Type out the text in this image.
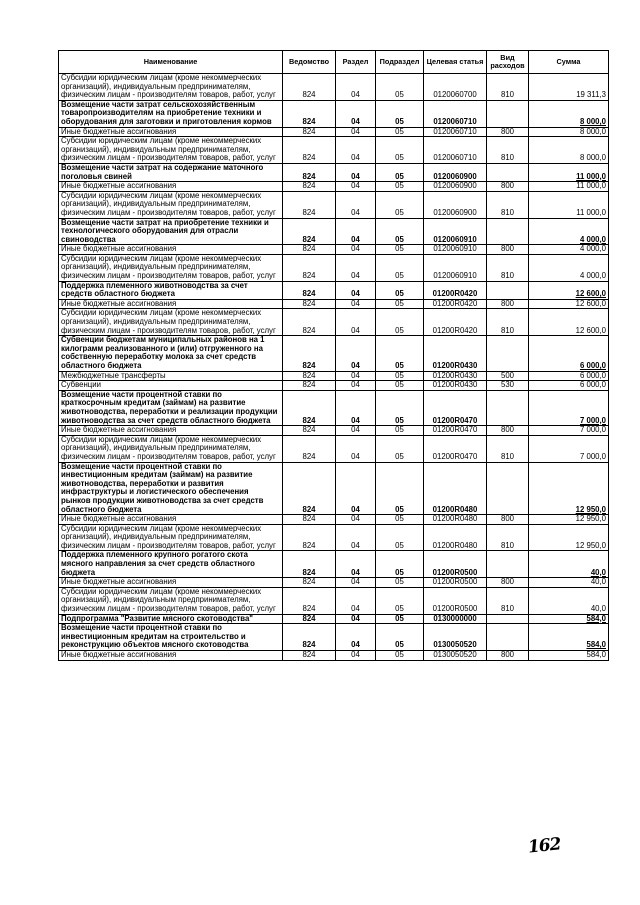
Наименование	Ведомство	Раздел	Подраздел	Целевая статья	Вид расходов	Сумма
Субсидии юридическим лицам (кроме некоммерческих организаций), индивидуальным предпринимателям, физическим лицам - производителям товаров, работ, услуг	824	04	05	0120060700	810	19 311,3
Возмещение части затрат сельскохозяйственным товаропроизводителям на приобретение техники и оборудования для заготовки и приготовления кормов	824	04	05	0120060710		8 000,0
Иные бюджетные ассигнования	824	04	05	0120060710	800	8 000,0
Субсидии юридическим лицам (кроме некоммерческих организаций), индивидуальным предпринимателям, физическим лицам - производителям товаров, работ, услуг	824	04	05	0120060710	810	8 000,0
Возмещение части затрат на содержание маточного поголовья свиней	824	04	05	0120060900		11 000,0
Иные бюджетные ассигнования	824	04	05	0120060900	800	11 000,0
Субсидии юридическим лицам (кроме некоммерческих организаций), индивидуальным предпринимателям, физическим лицам - производителям товаров, работ, услуг	824	04	05	0120060900	810	11 000,0
Возмещение части затрат на приобретение техники и технологического оборудования для отрасли свиноводства	824	04	05	0120060910		4 000,0
Иные бюджетные ассигнования	824	04	05	0120060910	800	4 000,0
Субсидии юридическим лицам (кроме некоммерческих организаций), индивидуальным предпринимателям, физическим лицам - производителям товаров, работ, услуг	824	04	05	0120060910	810	4 000,0
Поддержка племенного животноводства за счет средств областного бюджета	824	04	05	01200R0420		12 600,0
Иные бюджетные ассигнования	824	04	05	01200R0420	800	12 600,0
Субсидии юридическим лицам (кроме некоммерческих организаций), индивидуальным предпринимателям, физическим лицам - производителям товаров, работ, услуг	824	04	05	01200R0420	810	12 600,0
Субвенции бюджетам муниципальных районов на 1 килограмм реализованного и (или) отгруженного на собственную переработку молока за счет средств областного бюджета	824	04	05	01200R0430		6 000,0
Межбюджетные трансферты	824	04	05	01200R0430	500	6 000,0
Субвенции	824	04	05	01200R0430	530	6 000,0
Возмещение части процентной ставки по краткосрочным кредитам (займам) на развитие животноводства, переработки и реализации продукции животноводства за счет средств областного бюджета	824	04	05	01200R0470		7 000,0
Иные бюджетные ассигнования	824	04	05	01200R0470	800	7 000,0
Субсидии юридическим лицам (кроме некоммерческих организаций), индивидуальным предпринимателям, физическим лицам - производителям товаров, работ, услуг	824	04	05	01200R0470	810	7 000,0
Возмещение части процентной ставки по инвестиционным кредитам (займам) на развитие животноводства, переработки и развития инфраструктуры и логистического обеспечения рынков продукции животноводства за счет средств областного бюджета	824	04	05	01200R0480		12 950,0
Иные бюджетные ассигнования	824	04	05	01200R0480	800	12 950,0
Субсидии юридическим лицам (кроме некоммерческих организаций), индивидуальным предпринимателям, физическим лицам - производителям товаров, работ, услуг	824	04	05	01200R0480	810	12 950,0
Поддержка племенного крупного рогатого скота мясного направления за счет средств областного бюджета	824	04	05	01200R0500		40,0
Иные бюджетные ассигнования	824	04	05	01200R0500	800	40,0
Субсидии юридическим лицам (кроме некоммерческих организаций), индивидуальным предпринимателям, физическим лицам - производителям товаров, работ, услуг	824	04	05	01200R0500	810	40,0
Подпрограмма "Развитие мясного скотоводства"	824	04	05	0130000000		584,0
Возмещение части процентной ставки по инвестиционным кредитам на строительство и реконструкцию объектов мясного скотоводства	824	04	05	0130050520		584,0
Иные бюджетные ассигнования	824	04	05	0130050520	800	584,0
162
